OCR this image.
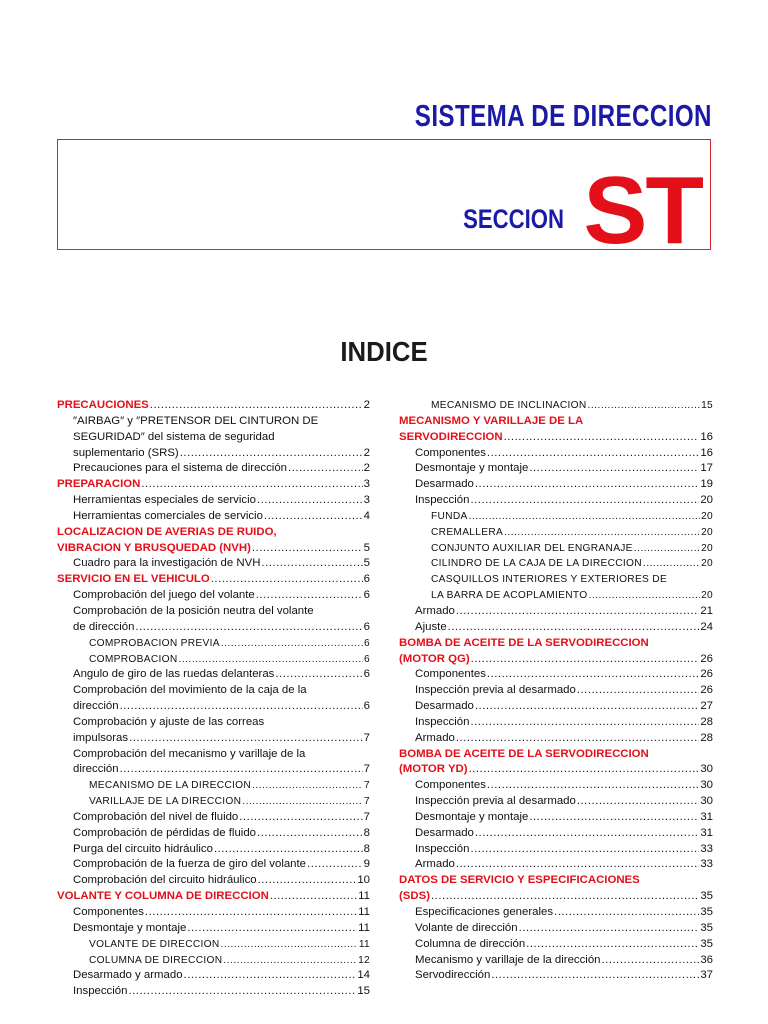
SISTEMA DE DIRECCION
SECCION ST
INDICE
PRECAUCIONES .....	2
″AIRBAG″ y ″PRETENSOR DEL CINTURON DE
SEGURIDAD″ del sistema de seguridad
suplementario (SRS) .....	2
Precauciones para el sistema de dirección .....	2
PREPARACION .....	3
Herramientas especiales de servicio .....	3
Herramientas comerciales de servicio .....	4
LOCALIZACION DE AVERIAS DE RUIDO,
VIBRACION Y BRUSQUEDAD (NVH) .....	5
Cuadro para la investigación de NVH .....	5
SERVICIO EN EL VEHICULO .....	6
Comprobación del juego del volante .....	6
Comprobación de la posición neutra del volante
de dirección .....	6
COMPROBACION PREVIA .....	6
COMPROBACION .....	6
Angulo de giro de las ruedas delanteras .....	6
Comprobación del movimiento de la caja de la
dirección .....	6
Comprobación y ajuste de las correas
impulsoras .....	7
Comprobación del mecanismo y varillaje de la
dirección .....	7
MECANISMO DE LA DIRECCION .....	7
VARILLAJE DE LA DIRECCION .....	7
Comprobación del nivel de fluido .....	7
Comprobación de pérdidas de fluido .....	8
Purga del circuito hidráulico .....	8
Comprobación de la fuerza de giro del volante .....	9
Comprobación del circuito hidráulico .....	10
VOLANTE Y COLUMNA DE DIRECCION .....	11
Componentes .....	11
Desmontaje y montaje .....	11
VOLANTE DE DIRECCION .....	11
COLUMNA DE DIRECCION .....	12
Desarmado y armado .....	14
Inspección .....	15
MECANISMO DE INCLINACION .....	15
MECANISMO Y VARILLAJE DE LA
SERVODIRECCION .....	16
Componentes .....	16
Desmontaje y montaje .....	17
Desarmado .....	19
Inspección .....	20
FUNDA .....	20
CREMALLERA .....	20
CONJUNTO AUXILIAR DEL ENGRANAJE .....	20
CILINDRO DE LA CAJA DE LA DIRECCION .....	20
CASQUILLOS INTERIORES Y EXTERIORES DE
LA BARRA DE ACOPLAMIENTO .....	20
Armado .....	21
Ajuste .....	24
BOMBA DE ACEITE DE LA SERVODIRECCION
(MOTOR QG) .....	26
Componentes .....	26
Inspección previa al desarmado .....	26
Desarmado .....	27
Inspección .....	28
Armado .....	28
BOMBA DE ACEITE DE LA SERVODIRECCION
(MOTOR YD) .....	30
Componentes .....	30
Inspección previa al desarmado .....	30
Desmontaje y montaje .....	31
Desarmado .....	31
Inspección .....	33
Armado .....	33
DATOS DE SERVICIO Y ESPECIFICACIONES
(SDS) .....	35
Especificaciones generales .....	35
Volante de dirección .....	35
Columna de dirección .....	35
Mecanismo y varillaje de la dirección .....	36
Servodirección .....	37
